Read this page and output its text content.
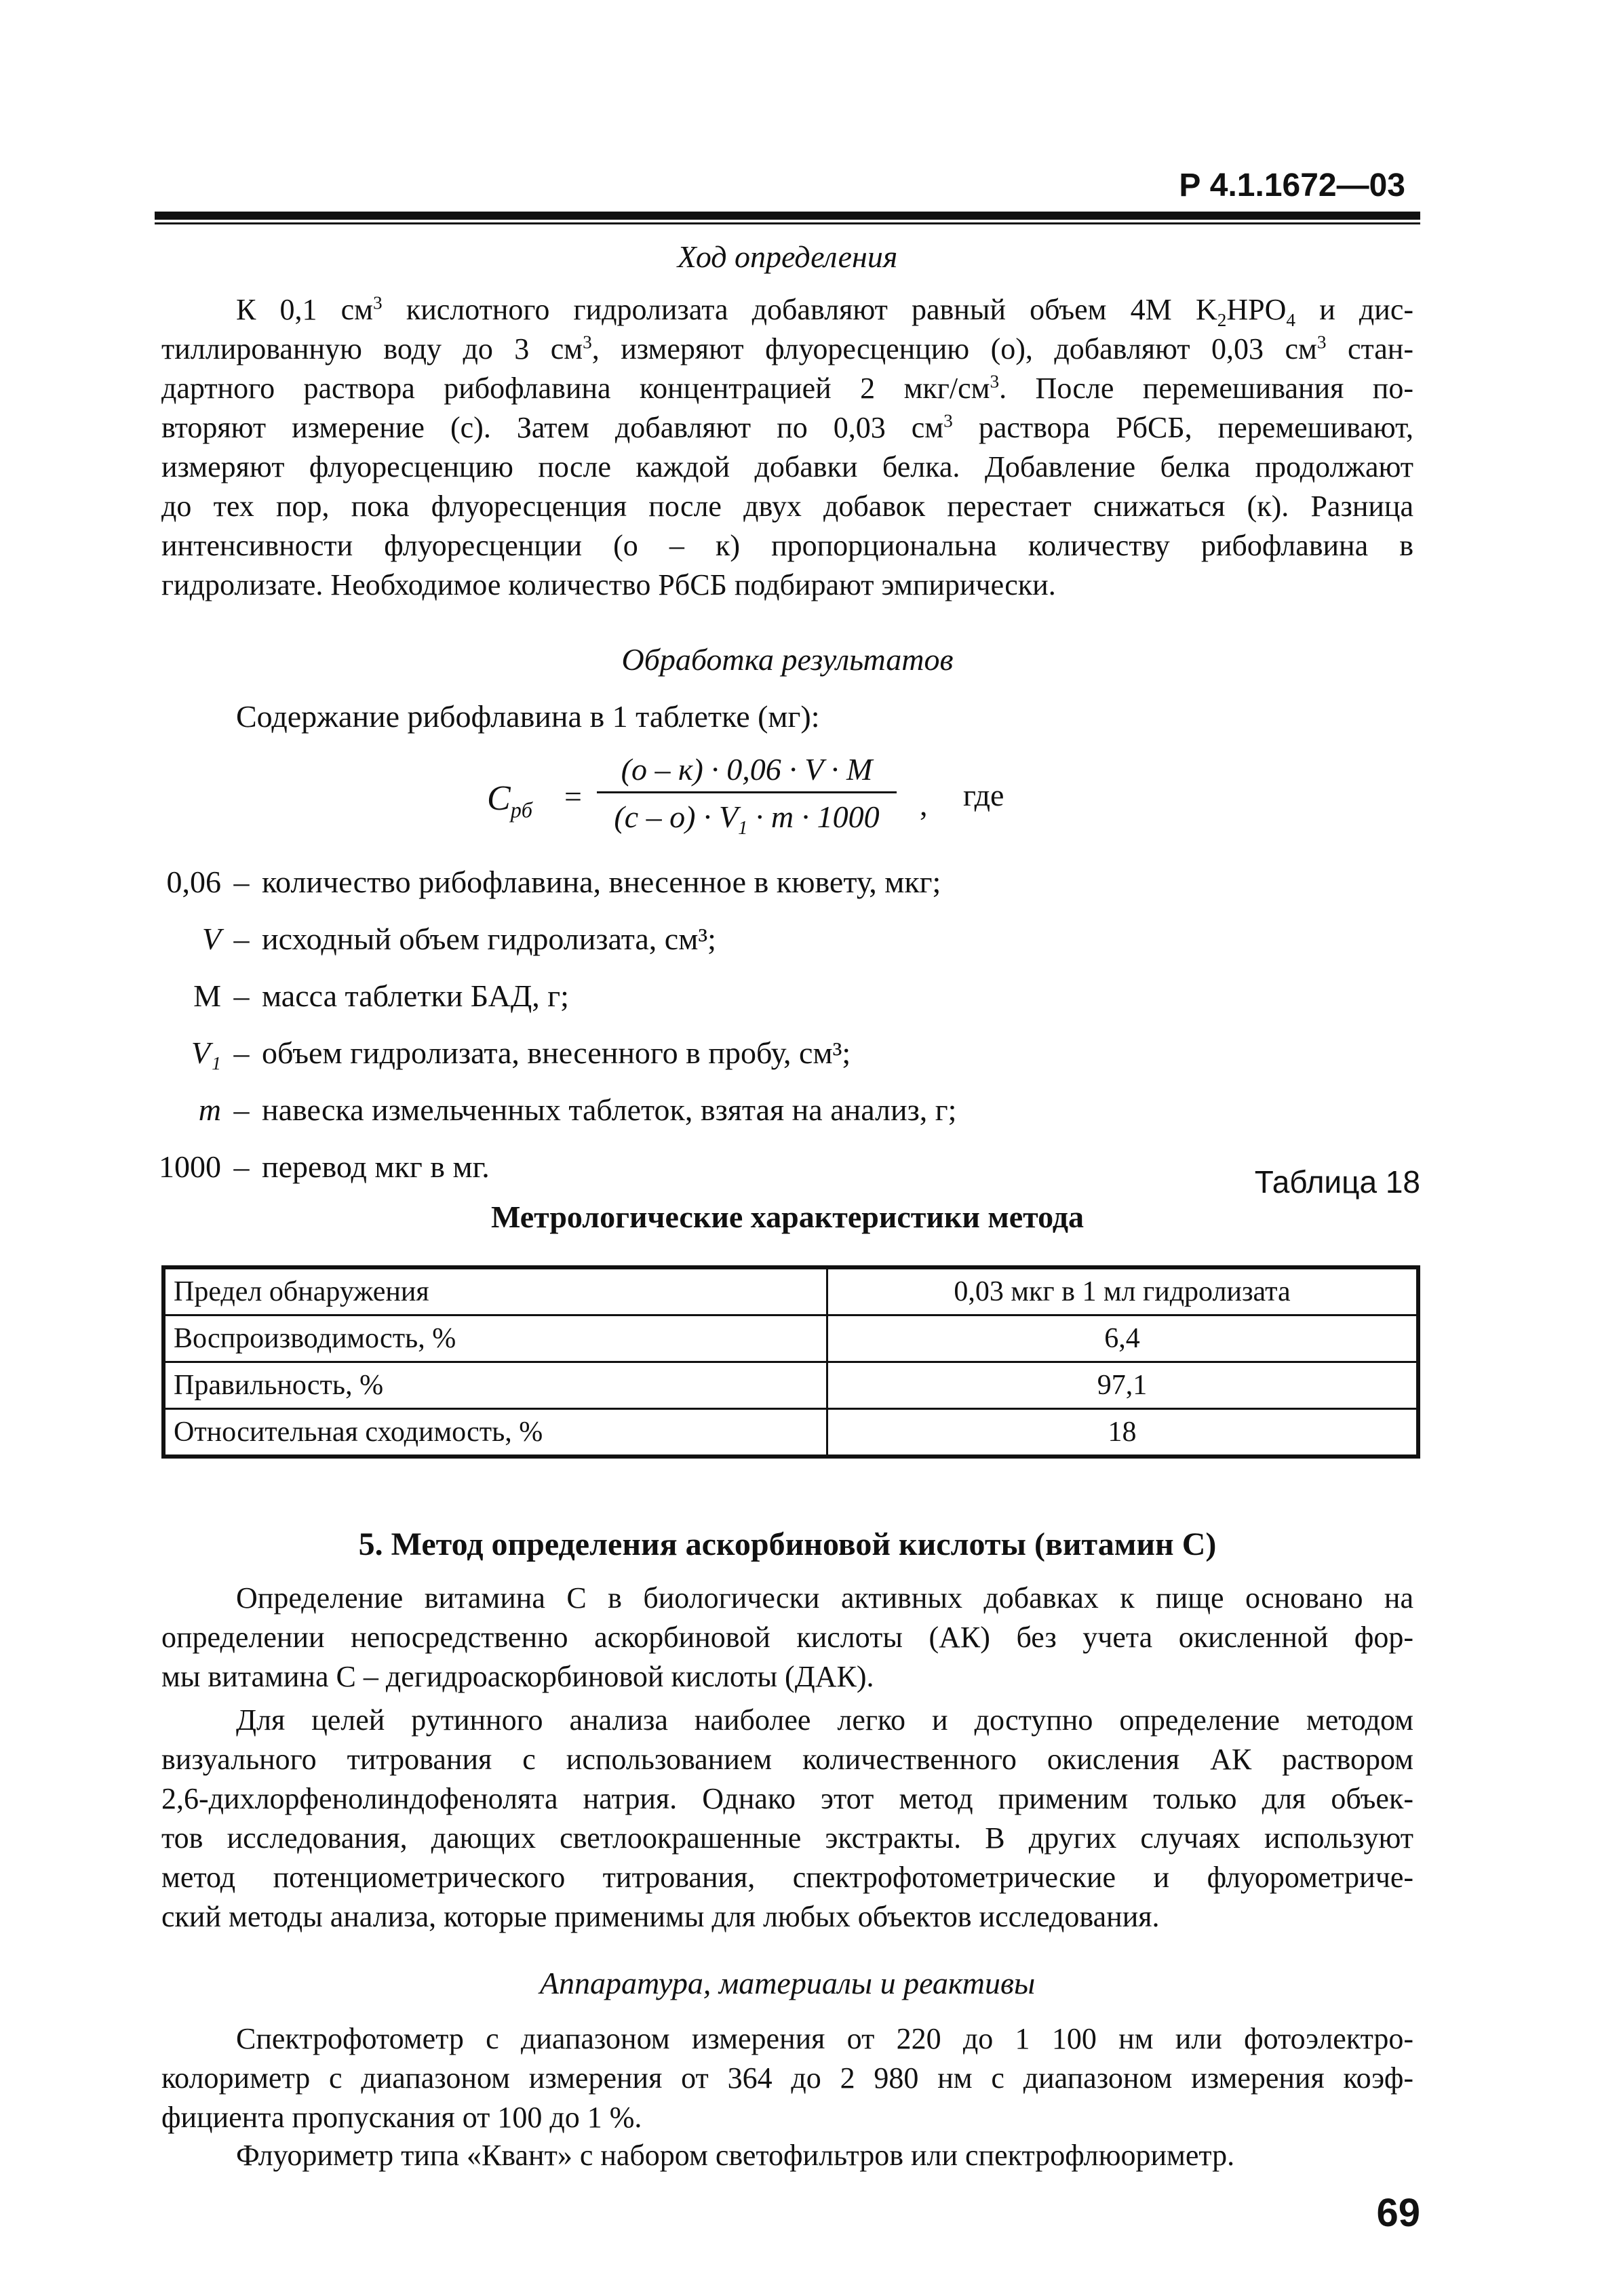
Р 4.1.1672—03
Ход определения
К 0,1 $см^3$ кислотного гидролизата добавляют равный объем 4М $K_2HPO_4$ и дис-
тиллированную воду до 3 $см^3$, измеряют флуоресценцию (о), добавляют 0,03 $см^3$ стан-
дартного раствора рибофлавина концентрацией 2 мкг/$см^3$. После перемешивания по-
вторяют измерение (с). Затем добавляют по 0,03 $см^3$ раствора РбСБ, перемешивают,
измеряют флуоресценцию после каждой добавки белка. Добавление белка продолжают
до тех пор, пока флуоресценция после двух добавок перестает снижаться (к). Разница
интенсивности флуоресценции (о – к) пропорциональна количеству рибофлавина в
гидролизате. Необходимое количество РбСБ подбирают эмпирически.
Обработка результатов
Содержание рибофлавина в 1 таблетке (мг):
$C_{рб}$ =
(о – к) · 0,06 · V · M
$(с - о) \cdot V_1 \cdot m \cdot 1000$ , где
0,06 – количество рибофлавина, внесенное в кювету, мкг;
V – исходный объем гидролизата, см³;
M – масса таблетки БАД, г;
V₁ – объем гидролизата, внесенного в пробу, см³;
m – навеска измельченных таблеток, взятая на анализ, г;
1000 – перевод мкг в мг.	Таблица 18
Метрологические характеристики метода
Предел обнаружения	0,03 мкг в 1 мл гидролизата
Воспроизводимость, %	6,4
Правильность, %	97,1
Относительная сходимость, %	18
5. Метод определения аскорбиновой кислоты (витамин С)
Определение витамина С в биологически активных добавках к пище основано на
определении непосредственно аскорбиновой кислоты (АК) без учета окисленной фор-
мы витамина С – дегидроаскорбиновой кислоты (ДАК).
Для целей рутинного анализа наиболее легко и доступно определение методом
визуального титрования с использованием количественного окисления АК раствором
2,6-дихлорфенолиндофенолята натрия. Однако этот метод применим только для объек-
тов исследования, дающих светлоокрашенные экстракты. В других случаях используют
метод потенциометрического титрования, спектрофотометрические и флуорометриче-
ский методы анализа, которые применимы для любых объектов исследования.
Аппаратура, материалы и реактивы
Спектрофотометр с диапазоном измерения от 220 до 1 100 нм или фотоэлектро-
колориметр с диапазоном измерения от 364 до 2 980 нм с диапазоном измерения коэф-
фициента пропускания от 100 до 1 %.
Флуориметр типа «Квант» с набором светофильтров или спектрофлюориметр.
69
